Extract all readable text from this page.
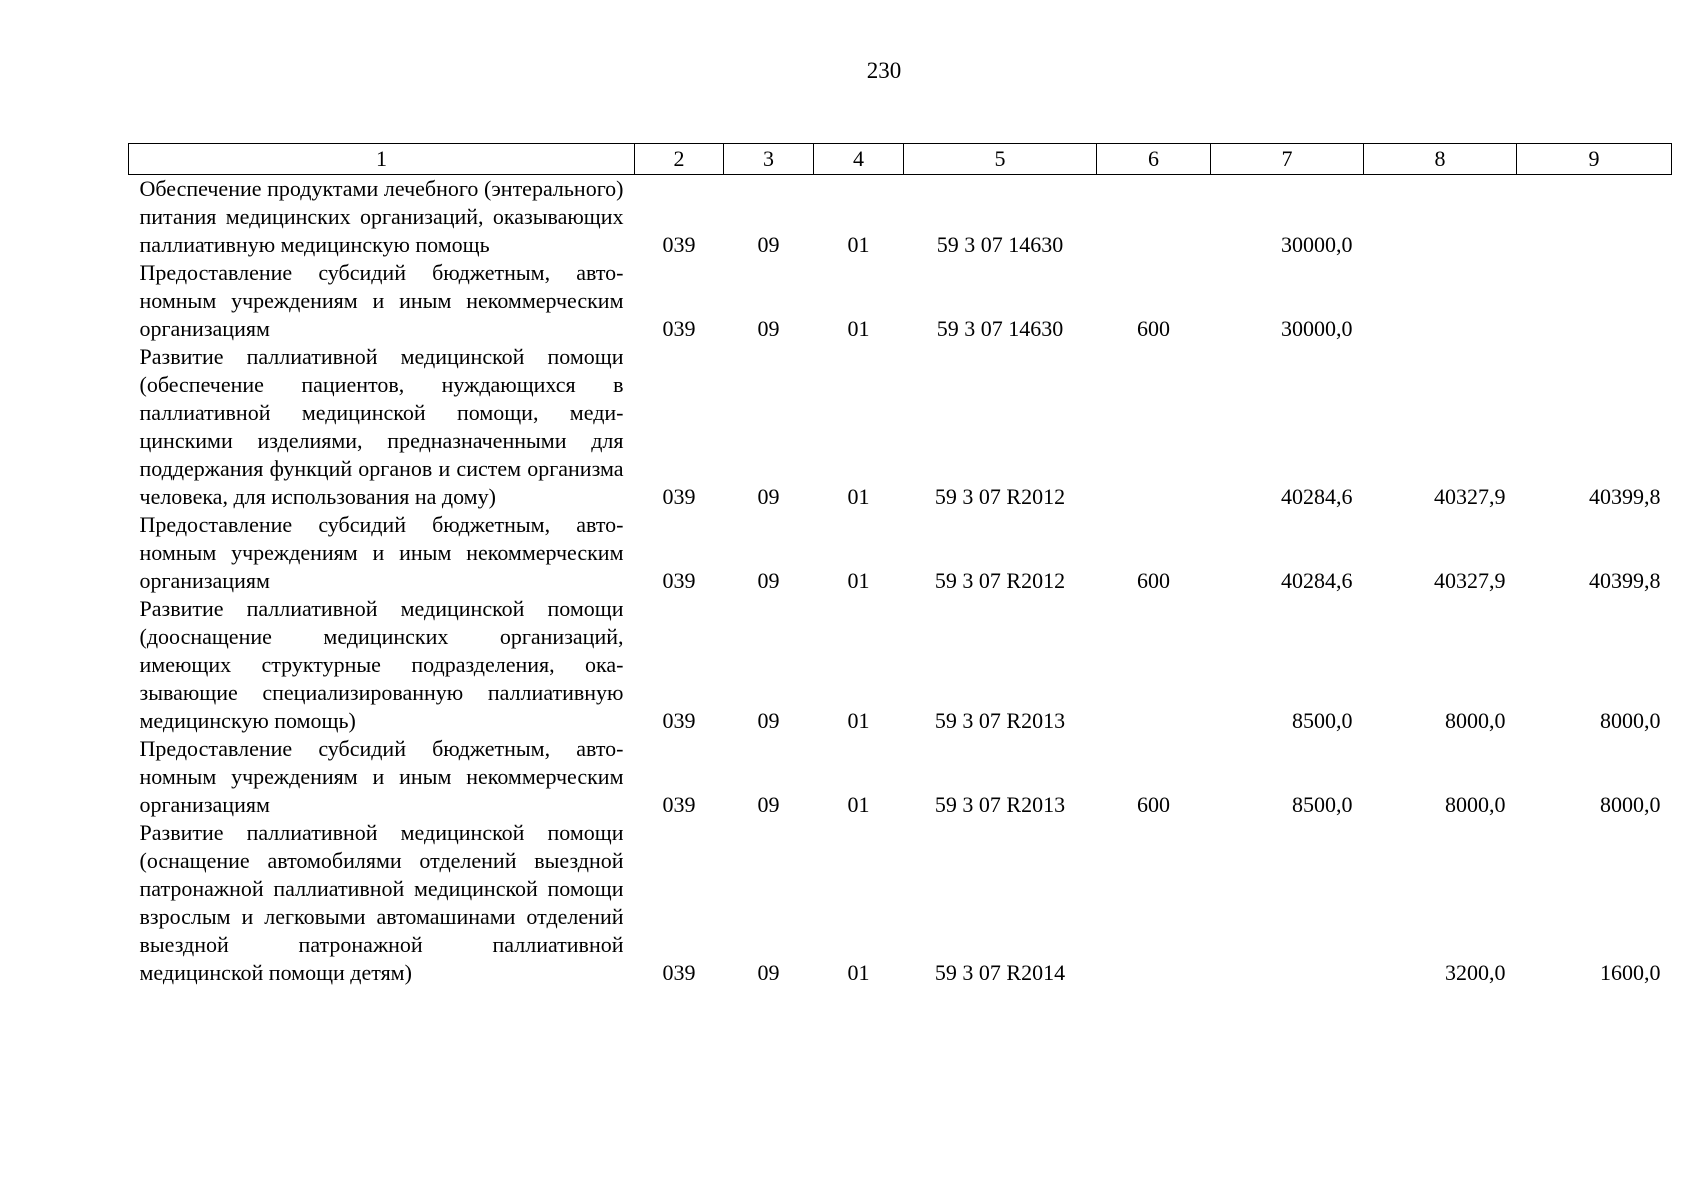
230
1	2	3	4	5	6	7	8	9
Обеспечение продуктами лечебного (энтерального) питания медицинских организаций, оказывающих паллиативную медицинскую помощь	039	09	01	59 3 07 14630		30000,0		
Предоставление субсидий бюджетным, автономным учреждениям и иным некоммерческим организациям	039	09	01	59 3 07 14630	600	30000,0		
Развитие паллиативной медицинской помощи (обеспечение пациентов, нуждающихся в паллиативной медицинской помощи, медицинскими изделиями, предназначенными для поддержания функций органов и систем организма человека, для использования на дому)	039	09	01	59 3 07 R2012		40284,6	40327,9	40399,8
Предоставление субсидий бюджетным, автономным учреждениям и иным некоммерческим организациям	039	09	01	59 3 07 R2012	600	40284,6	40327,9	40399,8
Развитие паллиативной медицинской помощи (дооснащение медицинских организаций, имеющих структурные подразделения, оказывающие специализированную паллиативную медицинскую помощь)	039	09	01	59 3 07 R2013		8500,0	8000,0	8000,0
Предоставление субсидий бюджетным, автономным учреждениям и иным некоммерческим организациям	039	09	01	59 3 07 R2013	600	8500,0	8000,0	8000,0
Развитие паллиативной медицинской помощи (оснащение автомобилями отделений выездной патронажной паллиативной медицинской помощи взрослым и легковыми автомашинами отделений выездной патронажной паллиативной медицинской помощи детям)	039	09	01	59 3 07 R2014			3200,0	1600,0
